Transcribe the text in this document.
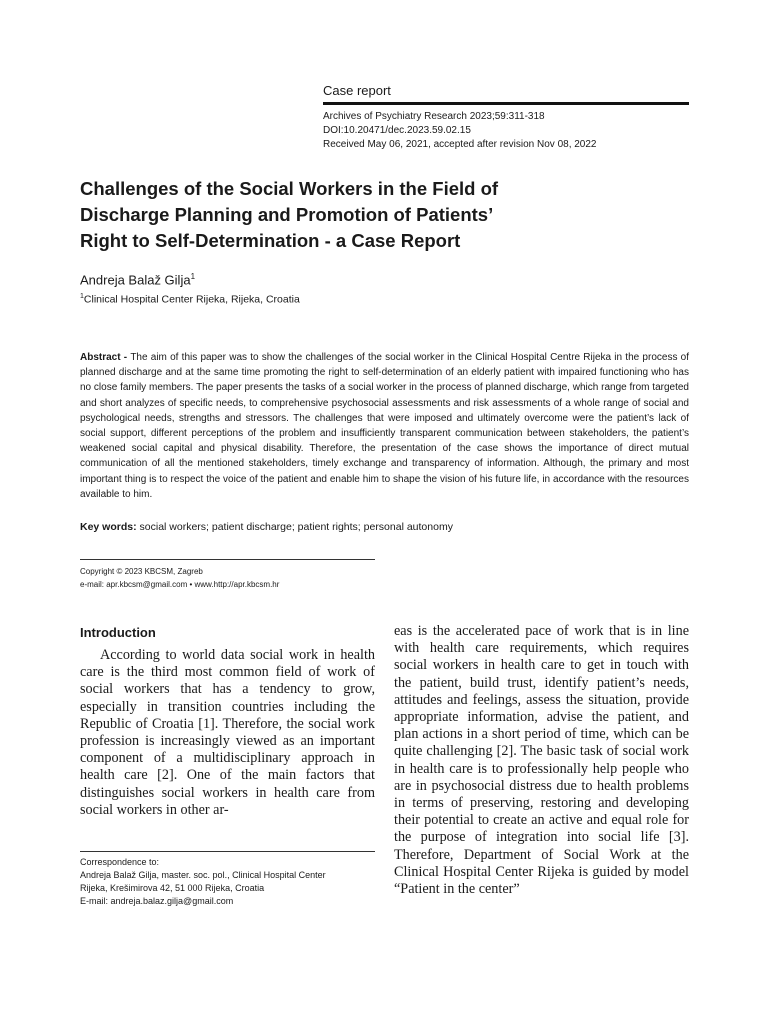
Case report
Archives of Psychiatry Research 2023;59:311-318
DOI:10.20471/dec.2023.59.02.15
Received May 06, 2021, accepted after revision Nov 08, 2022
Challenges of the Social Workers in the Field of
Discharge Planning and Promotion of Patients’
Right to Self-Determination - a Case Report
Andreja Balaž Gilja$^1$
$^1$Clinical Hospital Center Rijeka, Rijeka, Croatia
Abstract - The aim of this paper was to show the challenges of the social worker in the Clinical Hospital Centre Rijeka in the process of planned discharge and at the same time promoting the right to self-determination of an elderly patient with impaired functioning who has no close family members. The paper presents the tasks of a social worker in the process of planned discharge, which range from targeted and short analyzes of specific needs, to comprehensive psychosocial assessments and risk assessments of a whole range of social and psychological needs, strengths and stressors. The challenges that were imposed and ultimately overcome were the patient’s lack of social support, different perceptions of the problem and insufficiently transparent communication between stakeholders, the patient’s weakened social capital and physical disability. Therefore, the presentation of the case shows the importance of direct mutual communication of all the mentioned stakeholders, timely exchange and transparency of information. Although, the primary and most important thing is to respect the voice of the patient and enable him to shape the vision of his future life, in accordance with the resources available to him.
Key words: social workers; patient discharge; patient rights; personal autonomy
Copyright © 2023 KBCSM, Zagreb
e-mail: apr.kbcsm@gmail.com • www.http://apr.kbcsm.hr
Introduction

According to world data social work in health care is the third most common field of work of social workers that has a tendency to grow, especially in transition countries including the Republic of Croatia [1]. Therefore, the social work profession is increasingly viewed as an important component of a multidisciplinary approach in health care [2]. One of the main factors that distinguishes social workers in health care from social workers in other ar-

eas is the accelerated pace of work that is in line with health care requirements, which requires social workers in health care to get in touch with the patient, build trust, identify patient’s needs, attitudes and feelings, assess the situation, provide appropriate information, advise the patient, and plan actions in a short period of time, which can be quite challenging [2]. The basic task of social work in health care is to professionally help people who are in psychosocial distress due to health problems in terms of preserving, restoring and developing their potential to create an active and equal role for the purpose of integration into social life [3]. Therefore, Department of Social Work at the Clinical Hospital Center Rijeka is guided by model “Patient in the center”

Correspondence to:
Andreja Balaž Gilja, master. soc. pol., Clinical Hospital Center
Rijeka, Krešimirova 42, 51 000 Rijeka, Croatia
E-mail: andreja.balaz.gilja@gmail.com
